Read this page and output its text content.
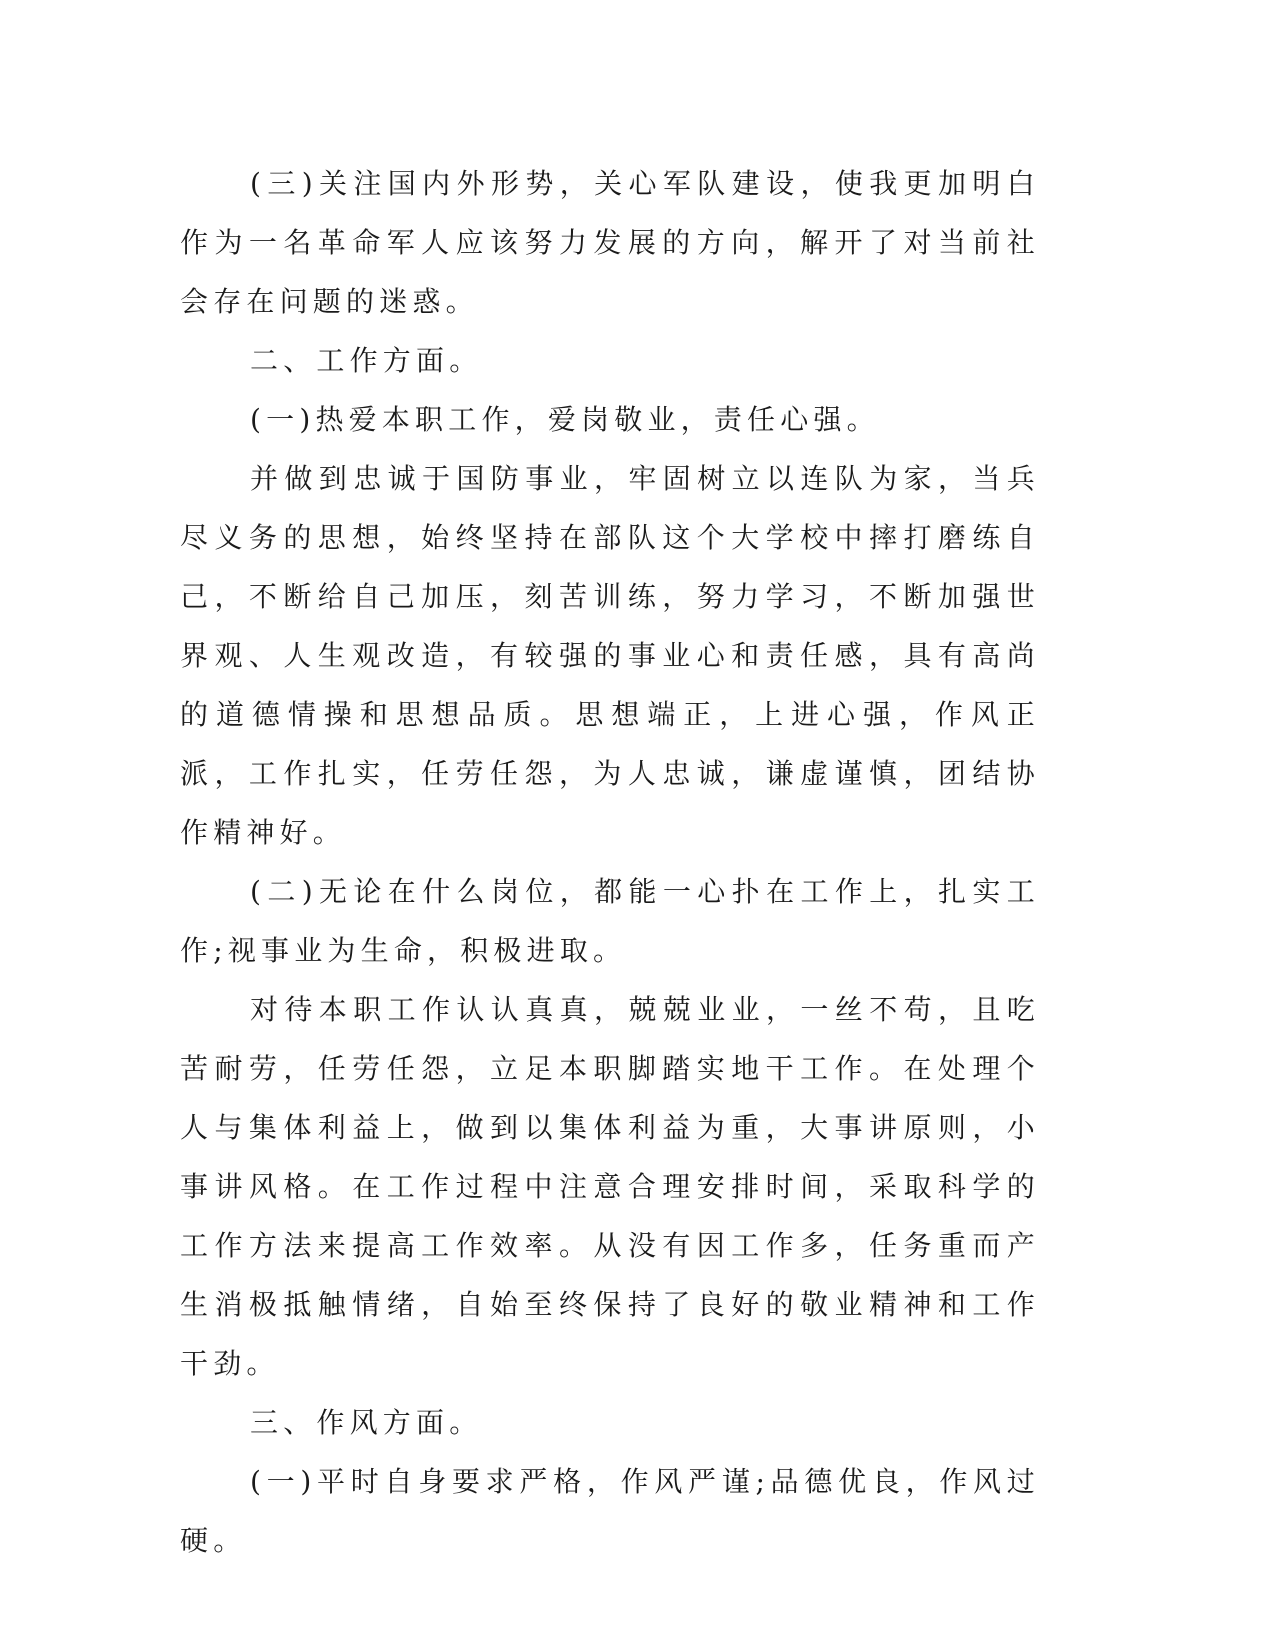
(三)关注国内外形势，关心军队建设，使我更加明白作为一名革命军人应该努力发展的方向，解开了对当前社会存在问题的迷惑。

二、工作方面。

(一)热爱本职工作，爱岗敬业，责任心强。

并做到忠诚于国防事业，牢固树立以连队为家，当兵尽义务的思想，始终坚持在部队这个大学校中摔打磨练自己，不断给自己加压，刻苦训练，努力学习，不断加强世界观、人生观改造，有较强的事业心和责任感，具有高尚的道德情操和思想品质。思想端正，上进心强，作风正派，工作扎实，任劳任怨，为人忠诚，谦虚谨慎，团结协作精神好。

(二)无论在什么岗位，都能一心扑在工作上，扎实工作;视事业为生命，积极进取。

对待本职工作认认真真，兢兢业业，一丝不苟，且吃苦耐劳，任劳任怨，立足本职脚踏实地干工作。在处理个人与集体利益上，做到以集体利益为重，大事讲原则，小事讲风格。在工作过程中注意合理安排时间，采取科学的工作方法来提高工作效率。从没有因工作多，任务重而产生消极抵触情绪，自始至终保持了良好的敬业精神和工作干劲。

三、作风方面。

(一)平时自身要求严格，作风严谨;品德优良，作风过硬。
